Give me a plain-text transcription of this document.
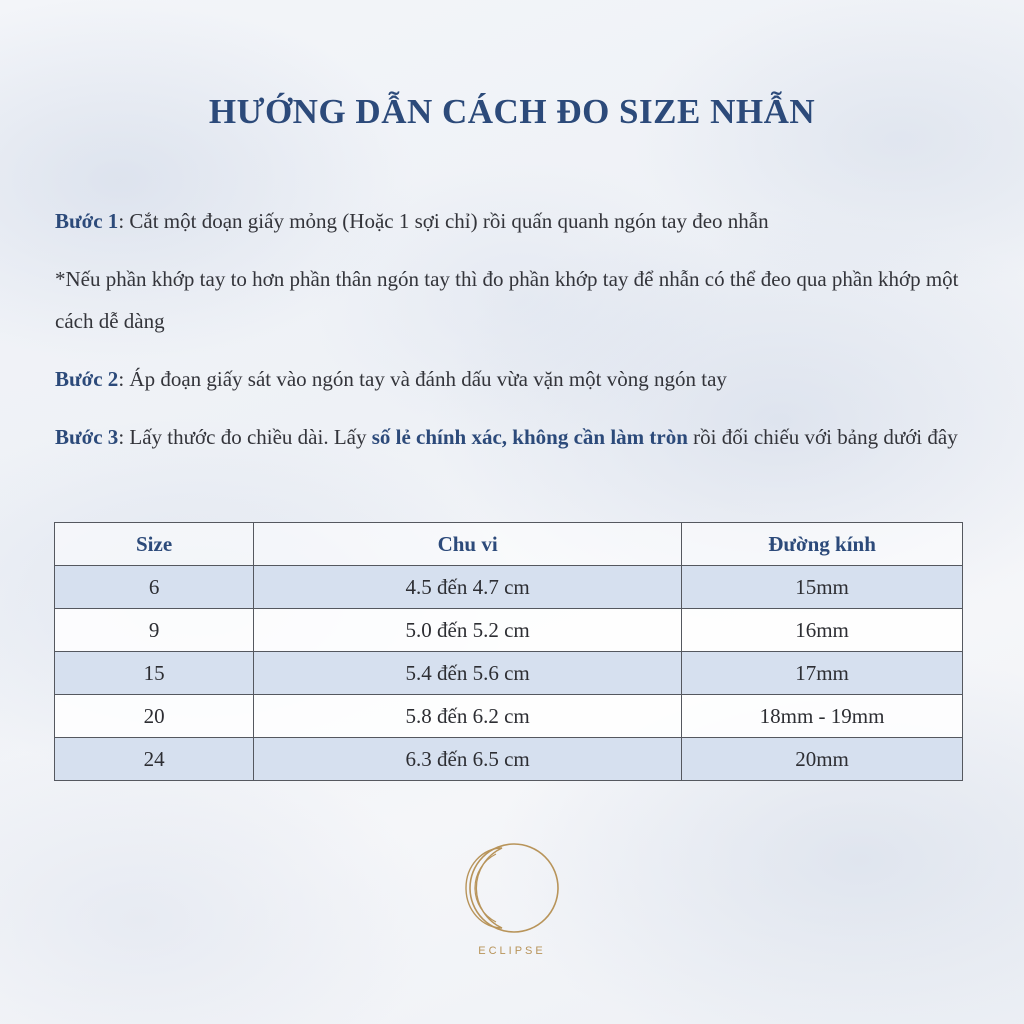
HƯỚNG DẪN CÁCH ĐO SIZE NHẪN

Bước 1: Cắt một đoạn giấy mỏng (Hoặc 1 sợi chỉ) rồi quấn quanh ngón tay đeo nhẫn

*Nếu phần khớp tay to hơn phần thân ngón tay thì đo phần khớp tay để nhẫn có thể đeo qua phần khớp một cách dễ dàng

Bước 2: Áp đoạn giấy sát vào ngón tay và đánh dấu vừa vặn một vòng ngón tay

Bước 3: Lấy thước đo chiều dài. Lấy số lẻ chính xác, không cần làm tròn rồi đối chiếu với bảng dưới đây

Size	Chu vi	Đường kính
6	4.5 đến 4.7 cm	15mm
9	5.0 đến 5.2 cm	16mm
15	5.4 đến 5.6 cm	17mm
20	5.8 đến 6.2 cm	18mm - 19mm
24	6.3 đến 6.5 cm	20mm
ECLIPSE
